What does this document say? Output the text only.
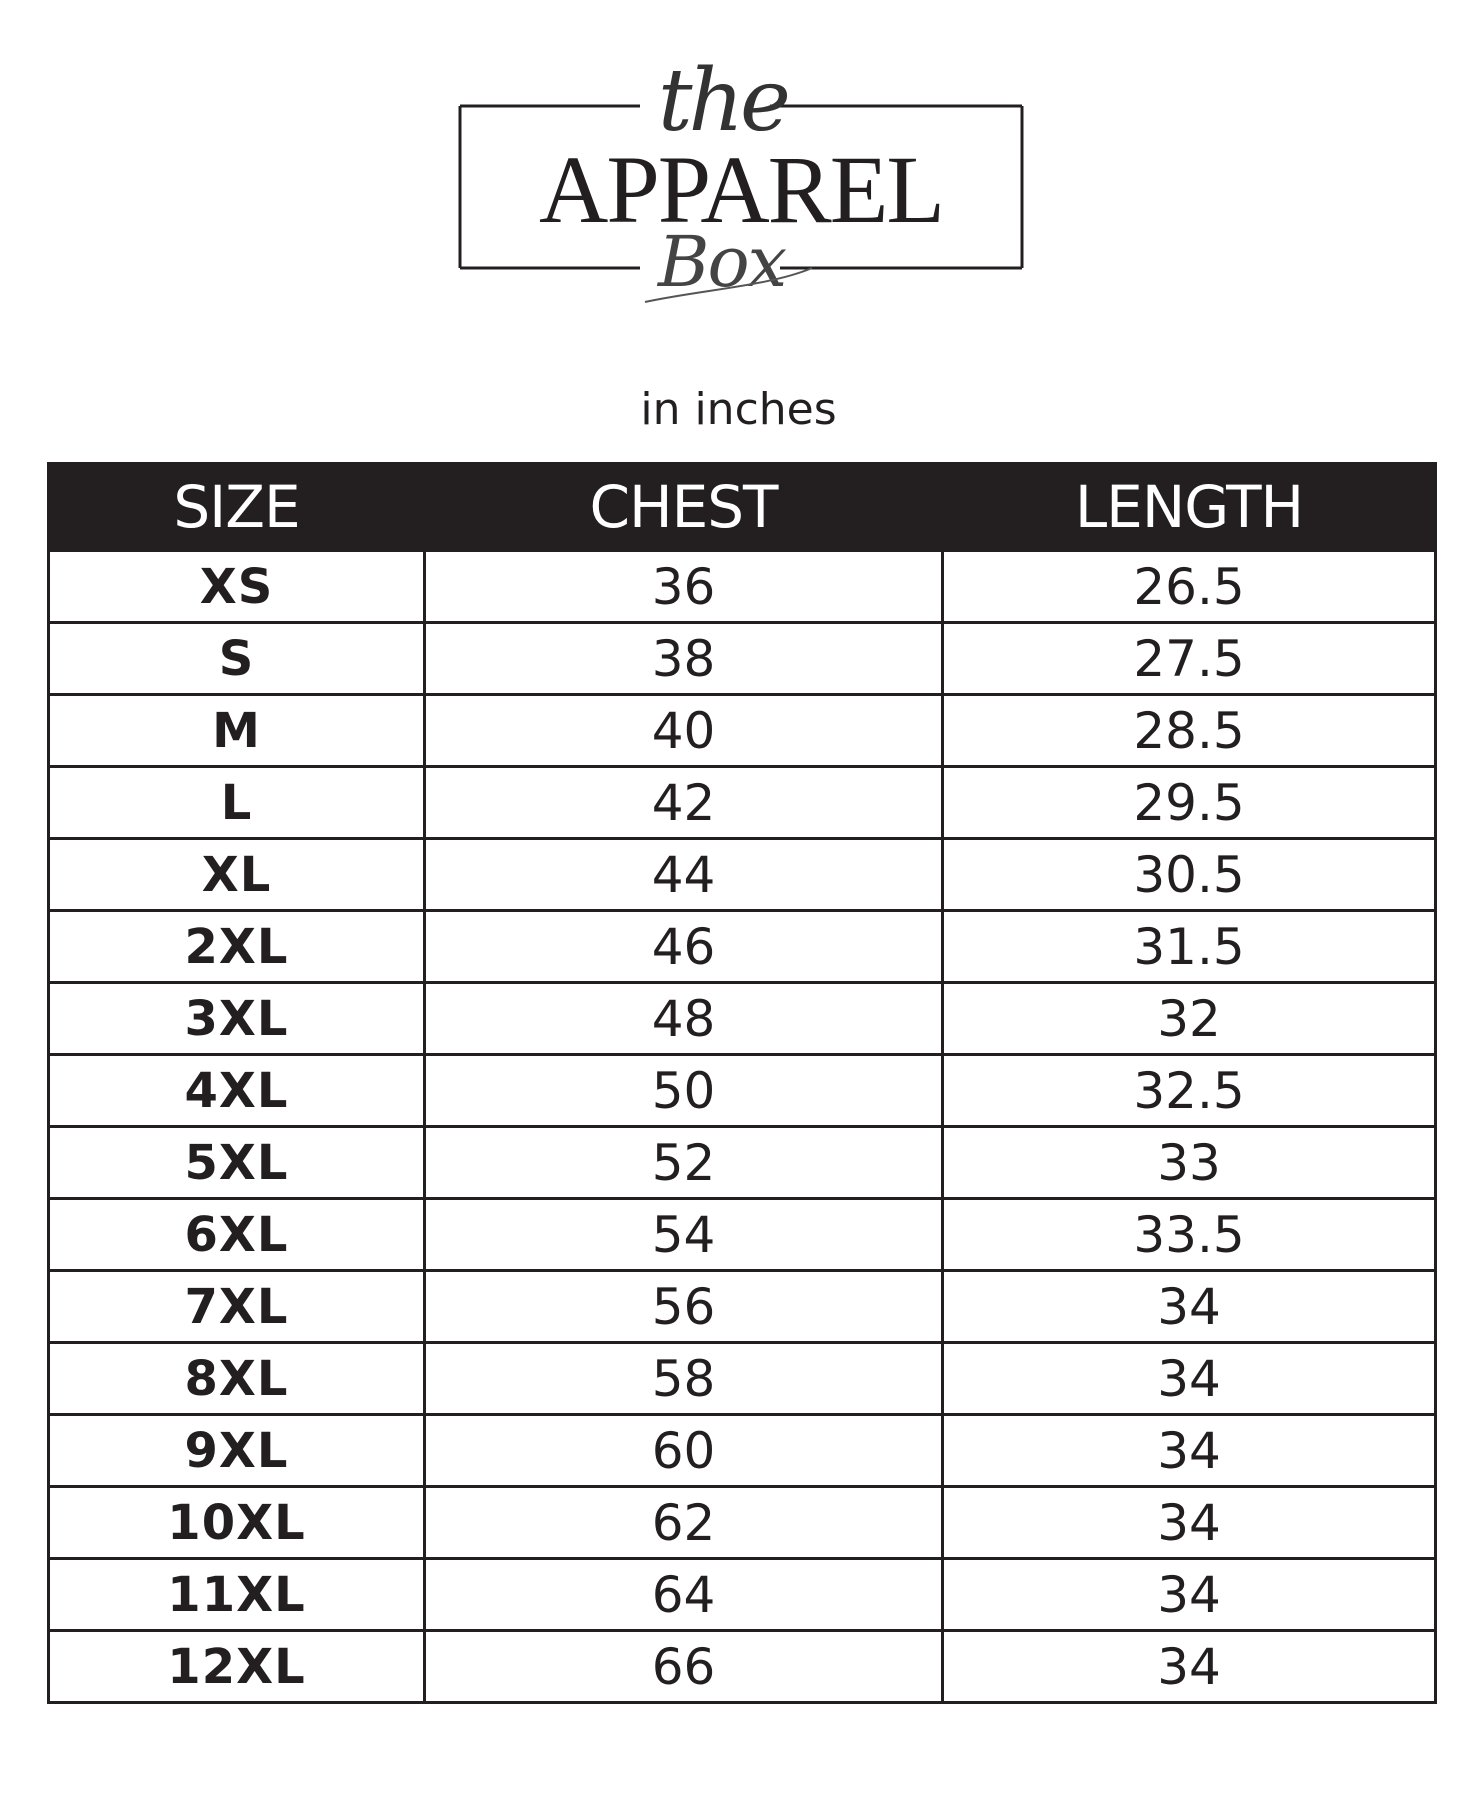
the
APPAREL
Box
in inches
SIZE	CHEST	LENGTH
XS	36	26.5
S	38	27.5
M	40	28.5
L	42	29.5
XL	44	30.5
2XL	46	31.5
3XL	48	32
4XL	50	32.5
5XL	52	33
6XL	54	33.5
7XL	56	34
8XL	58	34
9XL	60	34
10XL	62	34
11XL	64	34
12XL	66	34
